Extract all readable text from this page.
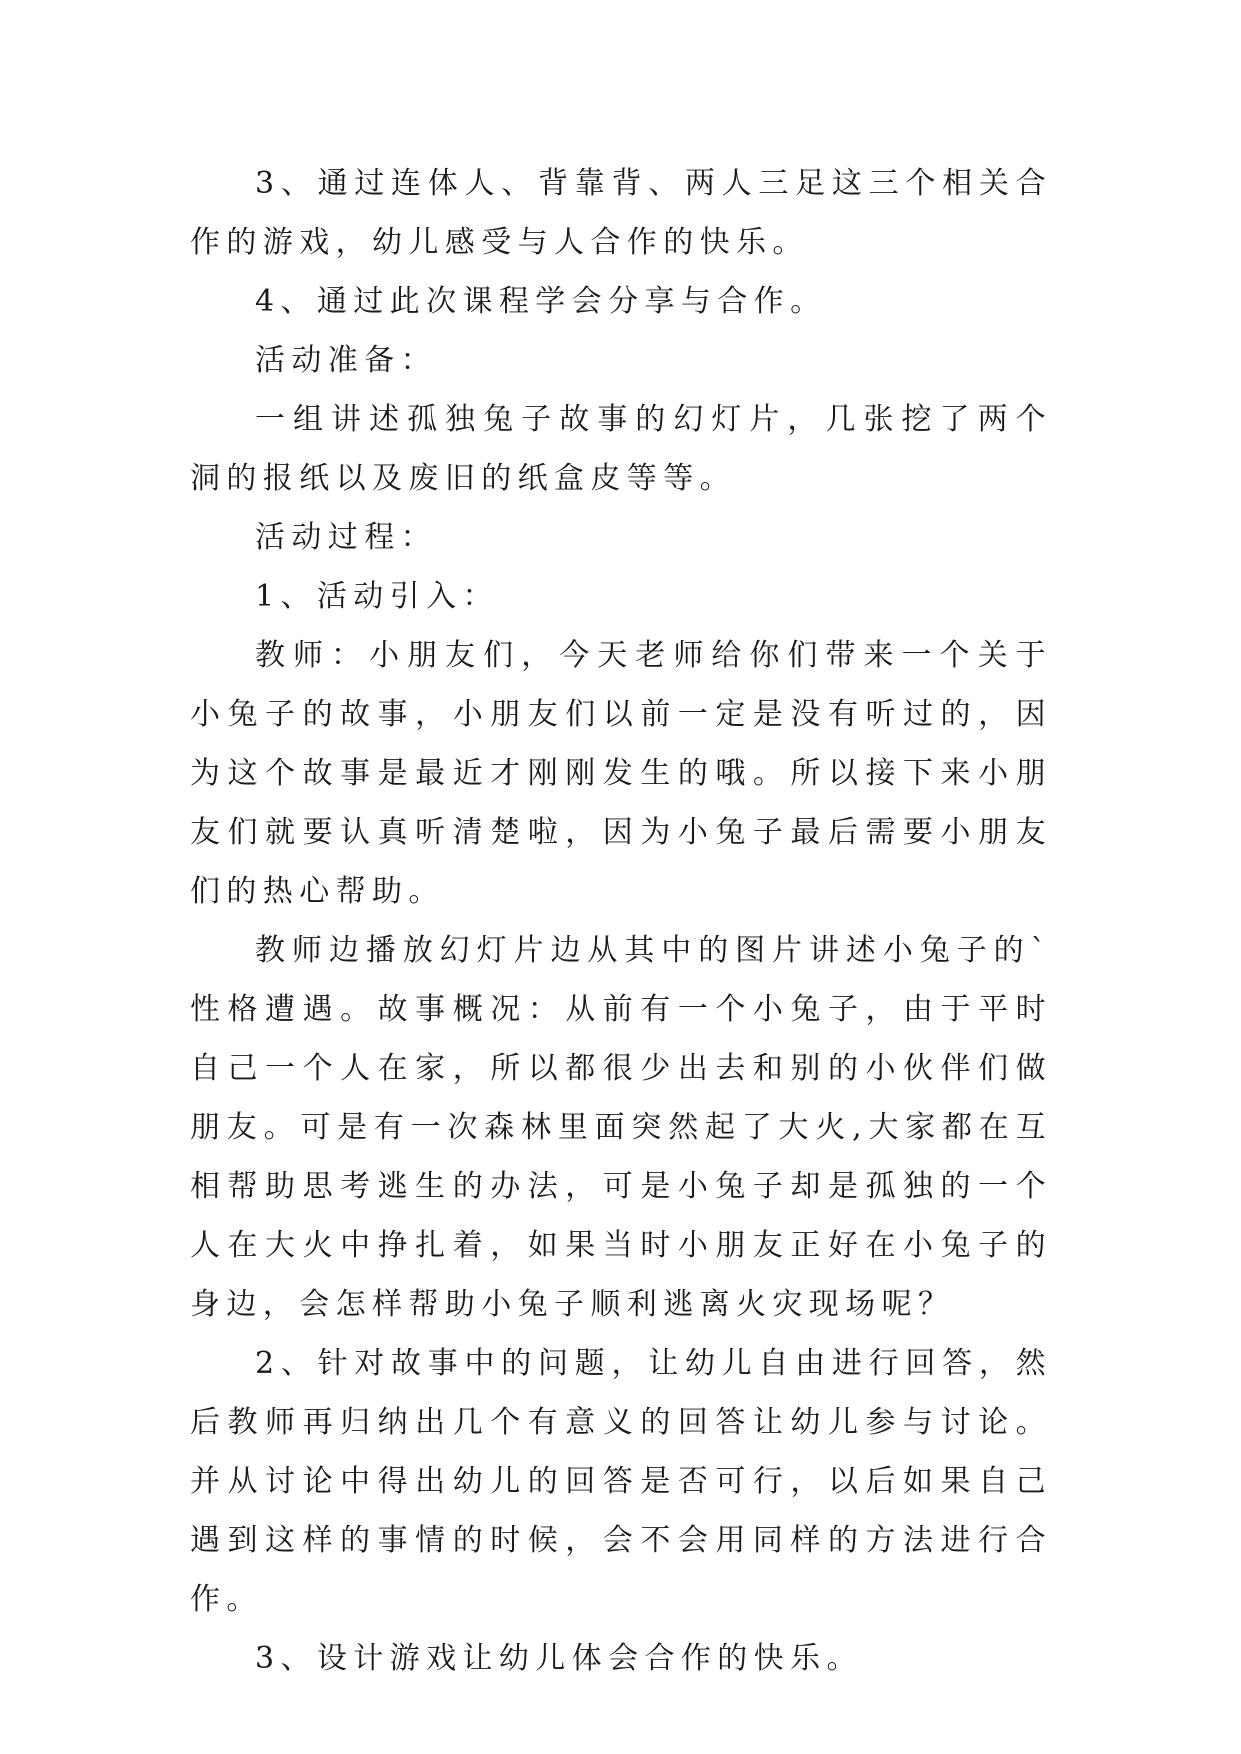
3、通过连体人、背靠背、两人三足这三个相关合作的游戏，幼儿感受与人合作的快乐。

4、通过此次课程学会分享与合作。

活动准备：

一组讲述孤独兔子故事的幻灯片，几张挖了两个洞的报纸以及废旧的纸盒皮等等。

活动过程：

1、活动引入：

教师：小朋友们，今天老师给你们带来一个关于小兔子的故事，小朋友们以前一定是没有听过的，因为这个故事是最近才刚刚发生的哦。所以接下来小朋友们就要认真听清楚啦，因为小兔子最后需要小朋友们的热心帮助。

教师边播放幻灯片边从其中的图片讲述小兔子的`性格遭遇。故事概况：从前有一个小兔子，由于平时自己一个人在家，所以都很少出去和别的小伙伴们做朋友。可是有一次森林里面突然起了大火,大家都在互相帮助思考逃生的办法，可是小兔子却是孤独的一个人在大火中挣扎着，如果当时小朋友正好在小兔子的身边，会怎样帮助小兔子顺利逃离火灾现场呢？

2、针对故事中的问题，让幼儿自由进行回答，然后教师再归纳出几个有意义的回答让幼儿参与讨论。并从讨论中得出幼儿的回答是否可行，以后如果自己遇到这样的事情的时候，会不会用同样的方法进行合作。

3、设计游戏让幼儿体会合作的快乐。
